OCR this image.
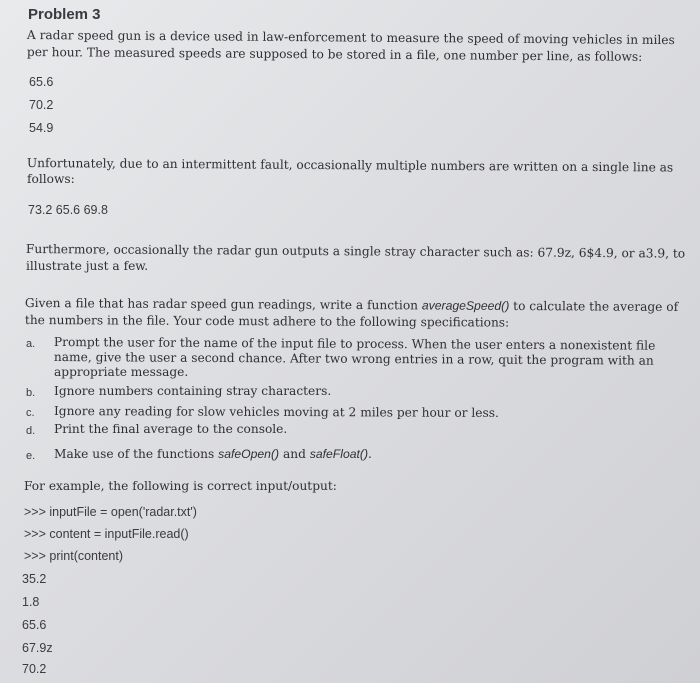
Problem 3
A radar speed gun is a device used in law-enforcement to measure the speed of moving vehicles in miles
per hour. The measured speeds are supposed to be stored in a file, one number per line, as follows:
65.6
70.2
54.9
Unfortunately, due to an intermittent fault, occasionally multiple numbers are written on a single line as
follows:
73.2 65.6 69.8
Furthermore, occasionally the radar gun outputs a single stray character such as: 67.9z, 6$4.9, or a3.9, to
illustrate just a few.
Given a file that has radar speed gun readings, write a function averageSpeed() to calculate the average of
the numbers in the file. Your code must adhere to the following specifications:
a. Prompt the user for the name of the input file to process. When the user enters a nonexistent file
name, give the user a second chance. After two wrong entries in a row, quit the program with an
appropriate message.
b. Ignore numbers containing stray characters.
c. Ignore any reading for slow vehicles moving at 2 miles per hour or less.
d. Print the final average to the console.
e. Make use of the functions safeOpen() and safeFloat().
For example, the following is correct input/output:
>>> inputFile = open('radar.txt')
>>> content = inputFile.read()
>>> print(content)
35.2
1.8
65.6
67.9z
70.2
